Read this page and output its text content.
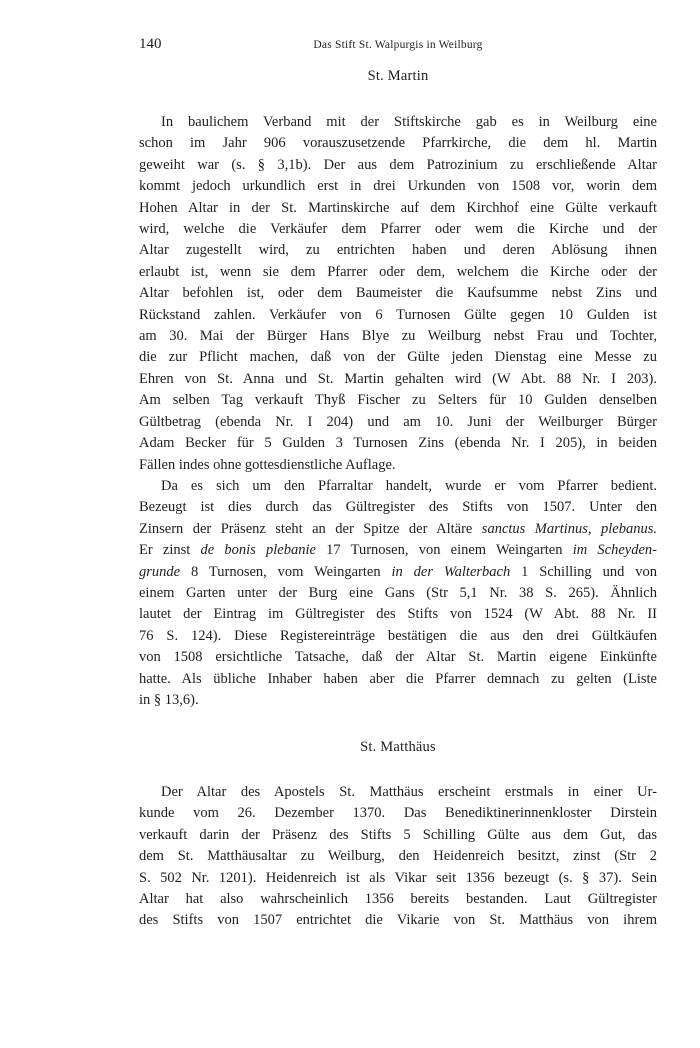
140	Das Stift St. Walpurgis in Weilburg
St. Martin

In baulichem Verband mit der Stiftskirche gab es in Weilburg eine
schon im Jahr 906 vorauszusetzende Pfarrkirche, die dem hl. Martin
geweiht war (s. § 3,1b). Der aus dem Patrozinium zu erschließende Altar
kommt jedoch urkundlich erst in drei Urkunden von 1508 vor, worin dem
Hohen Altar in der St. Martinskirche auf dem Kirchhof eine Gülte verkauft
wird, welche die Verkäufer dem Pfarrer oder wem die Kirche und der
Altar zugestellt wird, zu entrichten haben und deren Ablösung ihnen
erlaubt ist, wenn sie dem Pfarrer oder dem, welchem die Kirche oder der
Altar befohlen ist, oder dem Baumeister die Kaufsumme nebst Zins und
Rückstand zahlen. Verkäufer von 6 Turnosen Gülte gegen 10 Gulden ist
am 30. Mai der Bürger Hans Blye zu Weilburg nebst Frau und Tochter,
die zur Pflicht machen, daß von der Gülte jeden Dienstag eine Messe zu
Ehren von St. Anna und St. Martin gehalten wird (W Abt. 88 Nr. I 203).
Am selben Tag verkauft Thyß Fischer zu Selters für 10 Gulden denselben
Gültbetrag (ebenda Nr. I 204) und am 10. Juni der Weilburger Bürger
Adam Becker für 5 Gulden 3 Turnosen Zins (ebenda Nr. I 205), in beiden
Fällen indes ohne gottesdienstliche Auflage.

Da es sich um den Pfarraltar handelt, wurde er vom Pfarrer bedient.
Bezeugt ist dies durch das Gültregister des Stifts von 1507. Unter den
Zinsern der Präsenz steht an der Spitze der Altäre sanctus Martinus, plebanus.
Er zinst de bonis plebanie 17 Turnosen, von einem Weingarten im Scheyden-
grunde 8 Turnosen, vom Weingarten in der Walterbach 1 Schilling und von
einem Garten unter der Burg eine Gans (Str 5,1 Nr. 38 S. 265). Ähnlich
lautet der Eintrag im Gültregister des Stifts von 1524 (W Abt. 88 Nr. II
76 S. 124). Diese Registereinträge bestätigen die aus den drei Gültkäufen
von 1508 ersichtliche Tatsache, daß der Altar St. Martin eigene Einkünfte
hatte. Als übliche Inhaber haben aber die Pfarrer demnach zu gelten (Liste
in § 13,6).

St. Matthäus

Der Altar des Apostels St. Matthäus erscheint erstmals in einer Ur-
kunde vom 26. Dezember 1370. Das Benediktinerinnenkloster Dirstein
verkauft darin der Präsenz des Stifts 5 Schilling Gülte aus dem Gut, das
dem St. Matthäusaltar zu Weilburg, den Heidenreich besitzt, zinst (Str 2
S. 502 Nr. 1201). Heidenreich ist als Vikar seit 1356 bezeugt (s. § 37). Sein
Altar hat also wahrscheinlich 1356 bereits bestanden. Laut Gültregister
des Stifts von 1507 entrichtet die Vikarie von St. Matthäus von ihrem
